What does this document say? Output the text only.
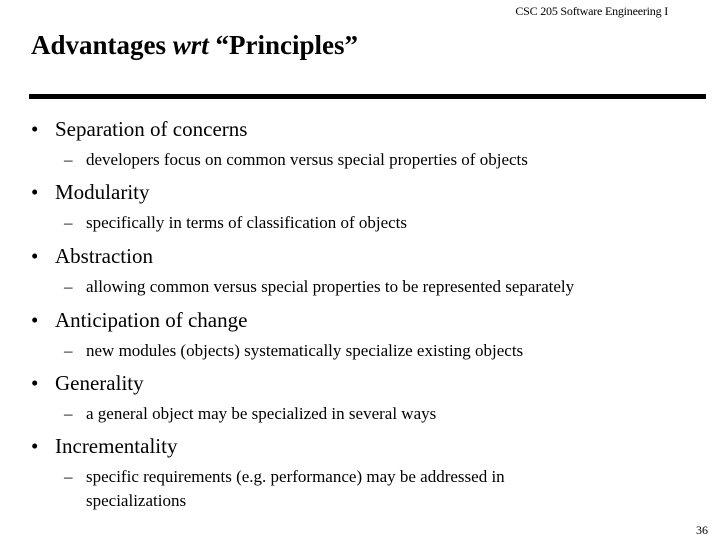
CSC 205 Software Engineering I
Advantages wrt “Principles”
• Separation of concerns
– developers focus on common versus special properties of objects
• Modularity
– specifically in terms of classification of objects
• Abstraction
– allowing common versus special properties to be represented separately
• Anticipation of change
– new modules (objects) systematically specialize existing objects
• Generality
– a general object may be specialized in several ways
• Incrementality
– specific requirements (e.g. performance) may be addressed in specializations
36
